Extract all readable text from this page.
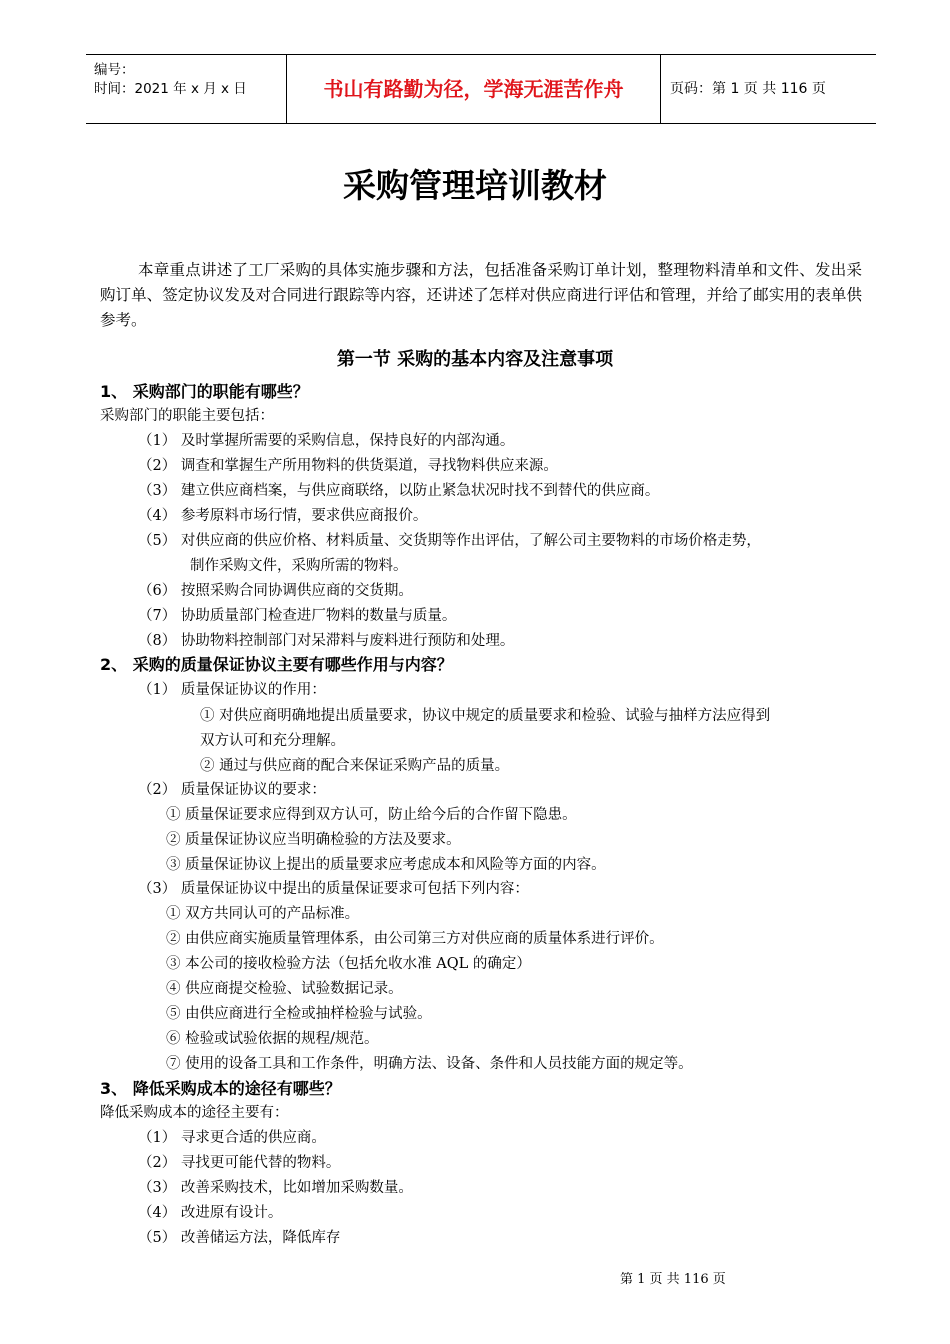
编号：
时间：2021 年 x 月 x 日	书山有路勤为径，学海无涯苦作舟	页码：第 1 页 共 116 页
采购管理培训教材
本章重点讲述了工厂采购的具体实施步骤和方法，包括准备采购订单计划，整理物料清单和文件、发出采购订单、签定协议发及对合同进行跟踪等内容，还讲述了怎样对供应商进行评估和管理，并给了邮实用的表单供参考。
第一节 采购的基本内容及注意事项
1、 采购部门的职能有哪些？
采购部门的职能主要包括：
（1） 及时掌握所需要的采购信息，保持良好的内部沟通。
（2） 调查和掌握生产所用物料的供货渠道，寻找物料供应来源。
（3） 建立供应商档案，与供应商联络，以防止紧急状况时找不到替代的供应商。
（4） 参考原料市场行情，要求供应商报价。
（5） 对供应商的供应价格、材料质量、交货期等作出评估，了解公司主要物料的市场价格走势，
制作采购文件，采购所需的物料。
（6） 按照采购合同协调供应商的交货期。
（7） 协助质量部门检查进厂物料的数量与质量。
（8） 协助物料控制部门对呆滞料与废料进行预防和处理。
2、 采购的质量保证协议主要有哪些作用与内容？
（1） 质量保证协议的作用：
① 对供应商明确地提出质量要求，协议中规定的质量要求和检验、试验与抽样方法应得到
双方认可和充分理解。
② 通过与供应商的配合来保证采购产品的质量。
（2） 质量保证协议的要求：
① 质量保证要求应得到双方认可，防止给今后的合作留下隐患。
② 质量保证协议应当明确检验的方法及要求。
③ 质量保证协议上提出的质量要求应考虑成本和风险等方面的内容。
（3） 质量保证协议中提出的质量保证要求可包括下列内容：
① 双方共同认可的产品标准。
② 由供应商实施质量管理体系，由公司第三方对供应商的质量体系进行评价。
③ 本公司的接收检验方法（包括允收水准 AQL 的确定）
④ 供应商提交检验、试验数据记录。
⑤ 由供应商进行全检或抽样检验与试验。
⑥ 检验或试验依据的规程/规范。
⑦ 使用的设备工具和工作条件，明确方法、设备、条件和人员技能方面的规定等。
3、 降低采购成本的途径有哪些？
降低采购成本的途径主要有：
（1） 寻求更合适的供应商。
（2） 寻找更可能代替的物料。
（3） 改善采购技术，比如增加采购数量。
（4） 改进原有设计。
（5） 改善储运方法，降低库存
第 1 页 共 116 页
